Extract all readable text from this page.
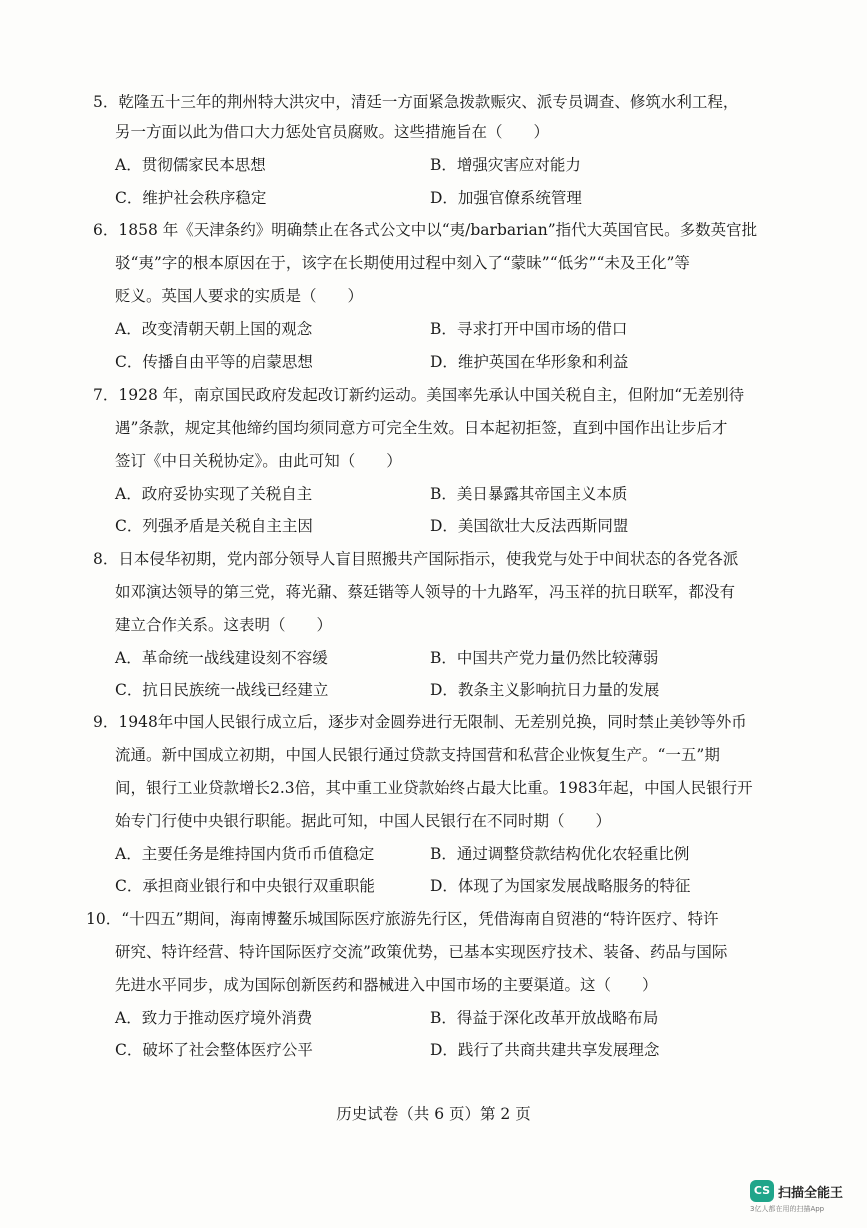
5．乾隆五十三年的荆州特大洪灾中，清廷一方面紧急拨款赈灾、派专员调查、修筑水利工程，
另一方面以此为借口大力惩处官员腐败。这些措施旨在（　　）
A．贯彻儒家民本思想	B．增强灾害应对能力
C．维护社会秩序稳定	D．加强官僚系统管理
6．1858 年《天津条约》明确禁止在各式公文中以“夷/barbarian”指代大英国官民。多数英官批
驳“夷”字的根本原因在于，该字在长期使用过程中刻入了“蒙昧”“低劣”“未及王化”等
贬义。英国人要求的实质是（　　）
A．改变清朝天朝上国的观念	B．寻求打开中国市场的借口
C．传播自由平等的启蒙思想	D．维护英国在华形象和利益
7．1928 年，南京国民政府发起改订新约运动。美国率先承认中国关税自主，但附加“无差别待
遇”条款，规定其他缔约国均须同意方可完全生效。日本起初拒签，直到中国作出让步后才
签订《中日关税协定》。由此可知（　　）
A．政府妥协实现了关税自主	B．美日暴露其帝国主义本质
C．列强矛盾是关税自主主因	D．美国欲壮大反法西斯同盟
8．日本侵华初期，党内部分领导人盲目照搬共产国际指示，使我党与处于中间状态的各党各派
如邓演达领导的第三党，蒋光鼐、蔡廷锴等人领导的十九路军，冯玉祥的抗日联军，都没有
建立合作关系。这表明（　　）
A．革命统一战线建设刻不容缓	B．中国共产党力量仍然比较薄弱
C．抗日民族统一战线已经建立	D．教条主义影响抗日力量的发展
9．1948年中国人民银行成立后，逐步对金圆券进行无限制、无差别兑换，同时禁止美钞等外币
流通。新中国成立初期，中国人民银行通过贷款支持国营和私营企业恢复生产。“一五”期
间，银行工业贷款增长2.3倍，其中重工业贷款始终占最大比重。1983年起，中国人民银行开
始专门行使中央银行职能。据此可知，中国人民银行在不同时期（　　）
A．主要任务是维持国内货币币值稳定	B．通过调整贷款结构优化农轻重比例
C．承担商业银行和中央银行双重职能	D．体现了为国家发展战略服务的特征
10．“十四五”期间，海南博鳌乐城国际医疗旅游先行区，凭借海南自贸港的“特许医疗、特许
研究、特许经营、特许国际医疗交流”政策优势，已基本实现医疗技术、装备、药品与国际
先进水平同步，成为国际创新医药和器械进入中国市场的主要渠道。这（　　）
A．致力于推动医疗境外消费	B．得益于深化改革开放战略布局
C．破坏了社会整体医疗公平	D．践行了共商共建共享发展理念
历史试卷（共 6 页）第 2 页
CS 扫描全能王
3亿人都在用的扫描App
